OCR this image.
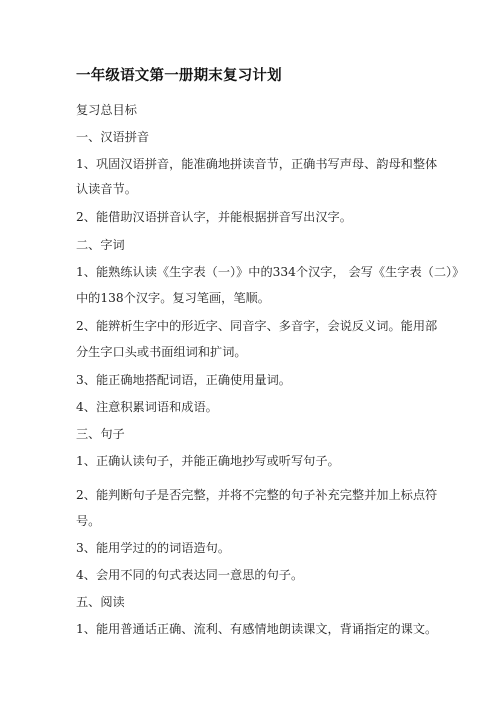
一年级语文第一册期末复习计划
复习总目标
一、汉语拼音
1、巩固汉语拼音，能准确地拼读音节，正确书写声母、韵母和整体
认读音节。
2、能借助汉语拼音认字，并能根据拼音写出汉字。
二、字词
1、能熟练认读《生字表（一）》中的334个汉字， 会写《生字表（二）》
中的138个汉字。复习笔画，笔顺。
2、能辨析生字中的形近字、同音字、多音字，会说反义词。能用部
分生字口头或书面组词和扩词。
3、能正确地搭配词语，正确使用量词。
4、注意积累词语和成语。
三、句子
1、正确认读句子，并能正确地抄写或听写句子。
2、能判断句子是否完整，并将不完整的句子补充完整并加上标点符
号。
3、能用学过的的词语造句。
4、会用不同的句式表达同一意思的句子。
五、阅读
1、能用普通话正确、流利、有感情地朗读课文，背诵指定的课文。
